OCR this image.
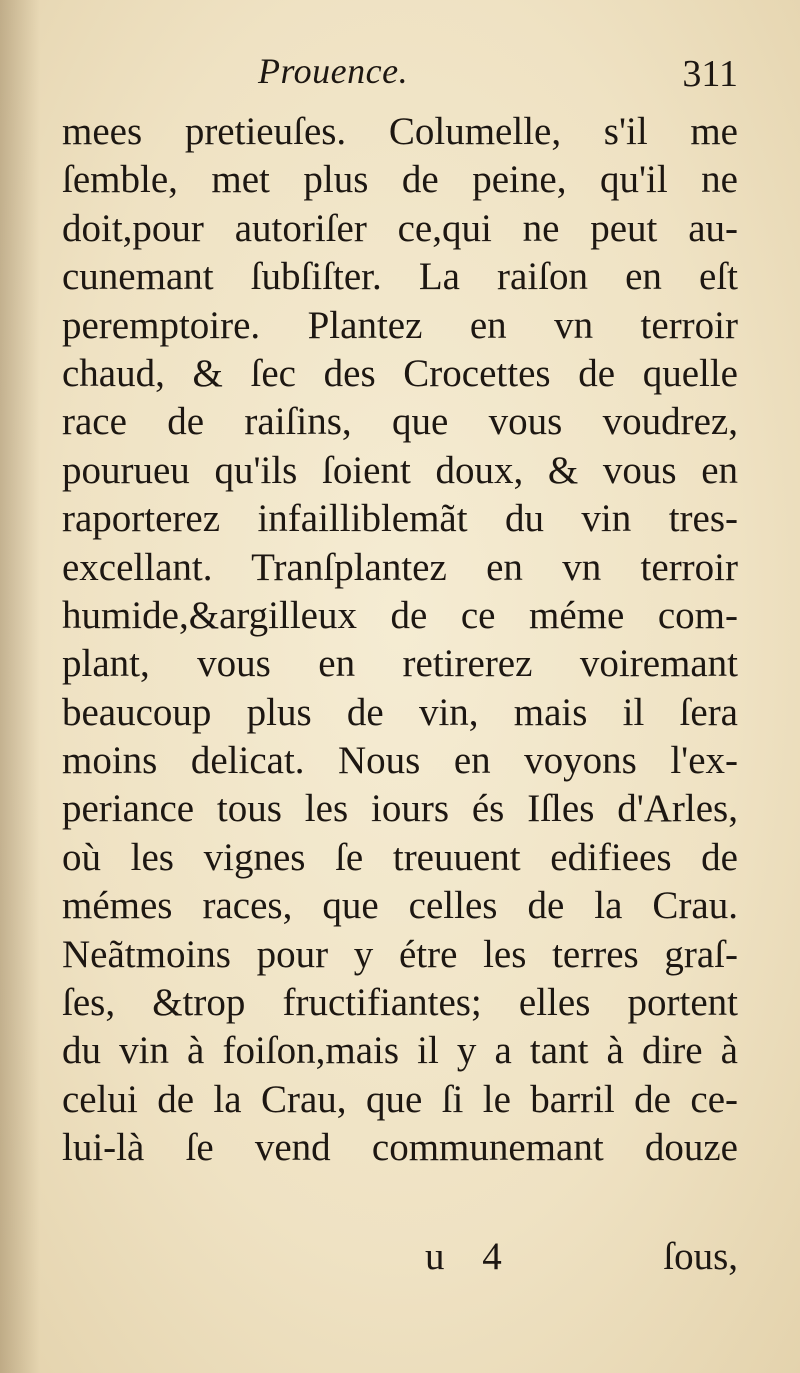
Prouence.	311
mees pretieuſes. Columelle, s'il me
ſemble, met plus de peine, qu'il ne
doit,pour autoriſer ce,qui ne peut au-
cunemant ſubſiſter. La raiſon en eſt
peremptoire. Plantez en vn terroir
chaud, & ſec des Crocettes de quelle
race de raiſins, que vous voudrez,
pourueu qu'ils ſoient doux, & vous en
raporterez infailliblemãt du vin tres-
excellant. Tranſplantez en vn terroir
humide,&argilleux de ce méme com-
plant, vous en retirerez voiremant
beaucoup plus de vin, mais il ſera
moins delicat. Nous en voyons l'ex-
periance tous les iours és Iſles d'Arles,
où les vignes ſe treuuent edifiees de
mémes races, que celles de la Crau.
Neãtmoins pour y étre les terres graſ-
ſes, &trop fructifiantes; elles portent
du vin à foiſon,mais il y a tant à dire à
celui de la Crau, que ſi le barril de ce-
lui-là ſe vend communemant douze
u 4	ſous,
